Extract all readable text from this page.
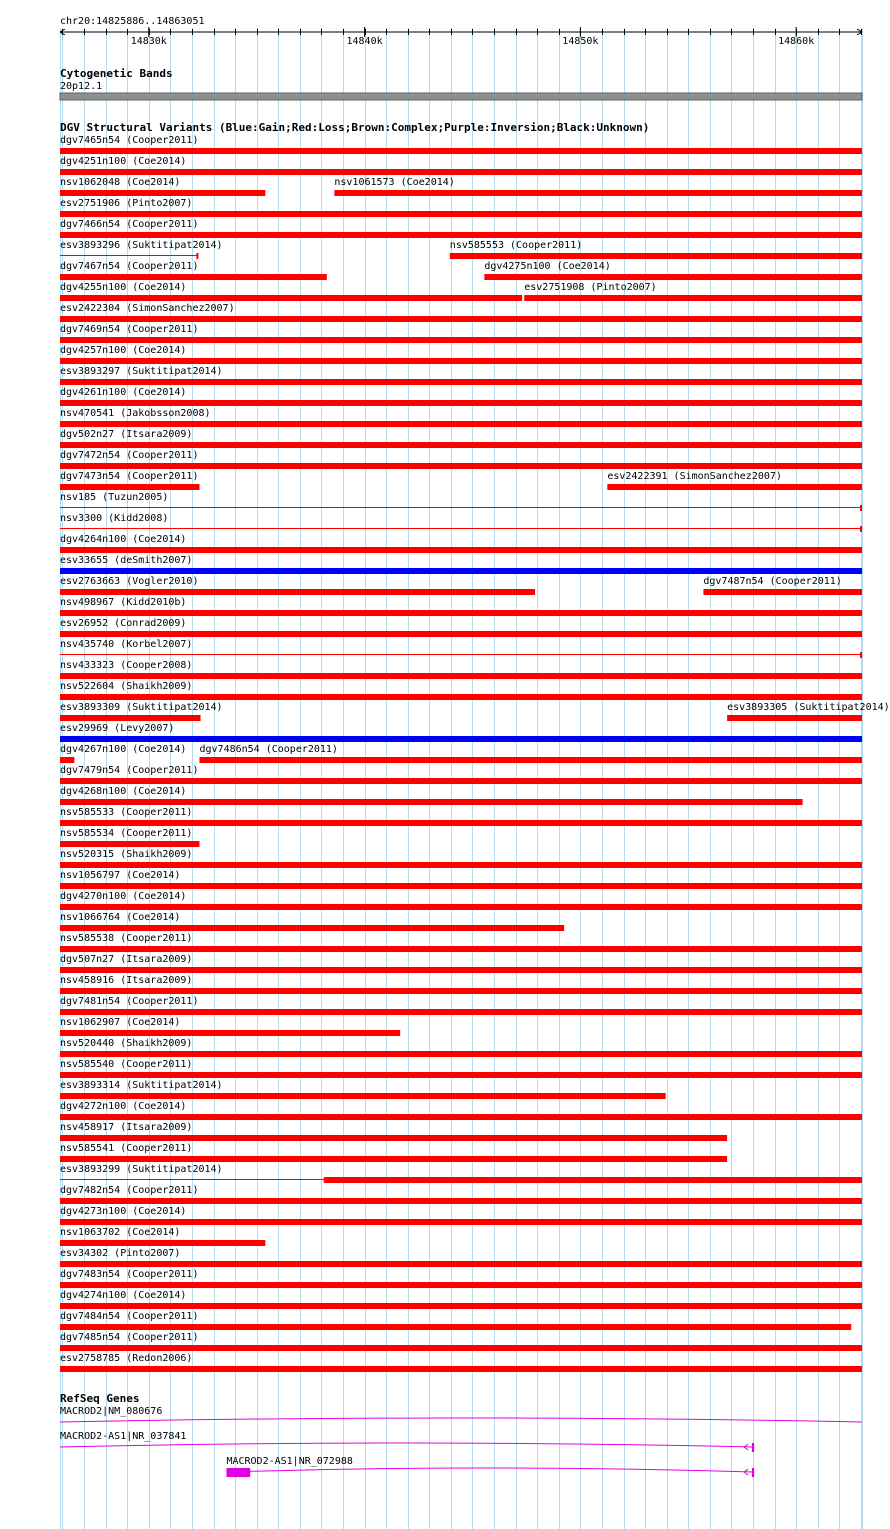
chr20:14825886..14863051
14830k	14840k	14850k	14860k
Cytogenetic Bands
20p12.1
DGV Structural Variants (Blue:Gain;Red:Loss;Brown:Complex;Purple:Inversion;Black:Unknown)
dgv7465n54 (Cooper2011)
dgv4251n100 (Coe2014)
nsv1062048 (Coe2014)	nsv1061573 (Coe2014)
esv2751906 (Pinto2007)
dgv7466n54 (Cooper2011)
esv3893296 (Suktitipat2014)	nsv585553 (Cooper2011)
dgv7467n54 (Cooper2011)	dgv4275n100 (Coe2014)
dgv4255n100 (Coe2014)	esv2751908 (Pinto2007)
esv2422304 (SimonSanchez2007)
dgv7469n54 (Cooper2011)
dgv4257n100 (Coe2014)
esv3893297 (Suktitipat2014)
dgv4261n100 (Coe2014)
nsv470541 (Jakobsson2008)
dgv502n27 (Itsara2009)
dgv7472n54 (Cooper2011)
dgv7473n54 (Cooper2011)	esv2422391 (SimonSanchez2007)
nsv185 (Tuzun2005)
nsv3300 (Kidd2008)
dgv4264n100 (Coe2014)
esv33655 (deSmith2007)
esv2763663 (Vogler2010)	dgv7487n54 (Cooper2011)
nsv498967 (Kidd2010b)
esv26952 (Conrad2009)
nsv435740 (Korbel2007)
nsv433323 (Cooper2008)
nsv522604 (Shaikh2009)
esv3893309 (Suktitipat2014)	esv3893305 (Suktitipat2014)
esv29969 (Levy2007)
dgv4267n100 (Coe2014) dgv7486n54 (Cooper2011)
dgv7479n54 (Cooper2011)
dgv4268n100 (Coe2014)
nsv585533 (Cooper2011)
nsv585534 (Cooper2011)
nsv520315 (Shaikh2009)
nsv1056797 (Coe2014)
dgv4270n100 (Coe2014)
nsv1066764 (Coe2014)
nsv585538 (Cooper2011)
dgv507n27 (Itsara2009)
nsv458916 (Itsara2009)
dgv7481n54 (Cooper2011)
nsv1062907 (Coe2014)
nsv520440 (Shaikh2009)
nsv585540 (Cooper2011)
esv3893314 (Suktitipat2014)
dgv4272n100 (Coe2014)
nsv458917 (Itsara2009)
nsv585541 (Cooper2011)
esv3893299 (Suktitipat2014)
dgv7482n54 (Cooper2011)
dgv4273n100 (Coe2014)
nsv1063702 (Coe2014)
esv34302 (Pinto2007)
dgv7483n54 (Cooper2011)
dgv4274n100 (Coe2014)
dgv7484n54 (Cooper2011)
dgv7485n54 (Cooper2011)
esv2758785 (Redon2006)
RefSeq Genes
MACROD2|NM_080676
MACROD2-AS1|NR_037841
MACROD2-AS1|NR_072988
